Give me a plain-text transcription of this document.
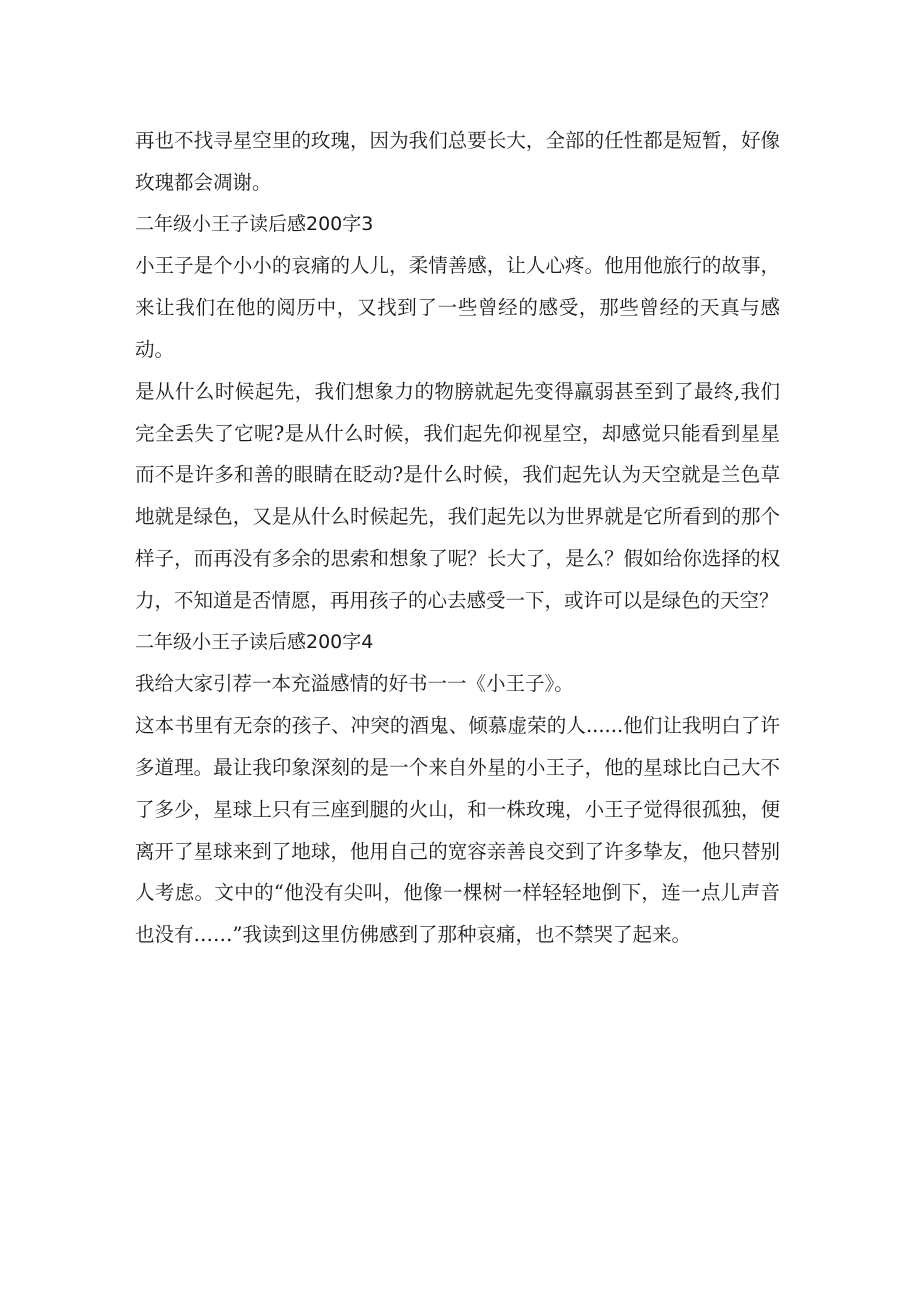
再也不找寻星空里的玫瑰，因为我们总要长大，全部的任性都是短暂，好像玫瑰都会凋谢。

二年级小王子读后感200字3

小王子是个小小的哀痛的人儿，柔情善感，让人心疼。他用他旅行的故事，来让我们在他的阅历中，又找到了一些曾经的感受，那些曾经的天真与感动。

是从什么时候起先，我们想象力的物膀就起先变得羸弱甚至到了最终,我们完全丢失了它呢?是从什么时候，我们起先仰视星空，却感觉只能看到星星而不是许多和善的眼睛在眨动?是什么时候，我们起先认为天空就是兰色草地就是绿色，又是从什么时候起先，我们起先以为世界就是它所看到的那个样子，而再没有多余的思索和想象了呢？长大了，是么？假如给你选择的权力，不知道是否情愿，再用孩子的心去感受一下，或许可以是绿色的天空？

二年级小王子读后感200字4

我给大家引荐一本充溢感情的好书一一《小王子》。

这本书里有无奈的孩子、冲突的酒鬼、倾慕虚荣的人......他们让我明白了许多道理。最让我印象深刻的是一个来自外星的小王子，他的星球比白己大不了多少，星球上只有三座到腿的火山，和一株玫瑰，小王子觉得很孤独，便离开了星球来到了地球，他用自己的宽容亲善良交到了许多挚友，他只替别人考虑。文中的“他没有尖叫，他像一棵树一样轻轻地倒下，连一点儿声音也没有……”我读到这里仿佛感到了那种哀痛，也不禁哭了起来。
